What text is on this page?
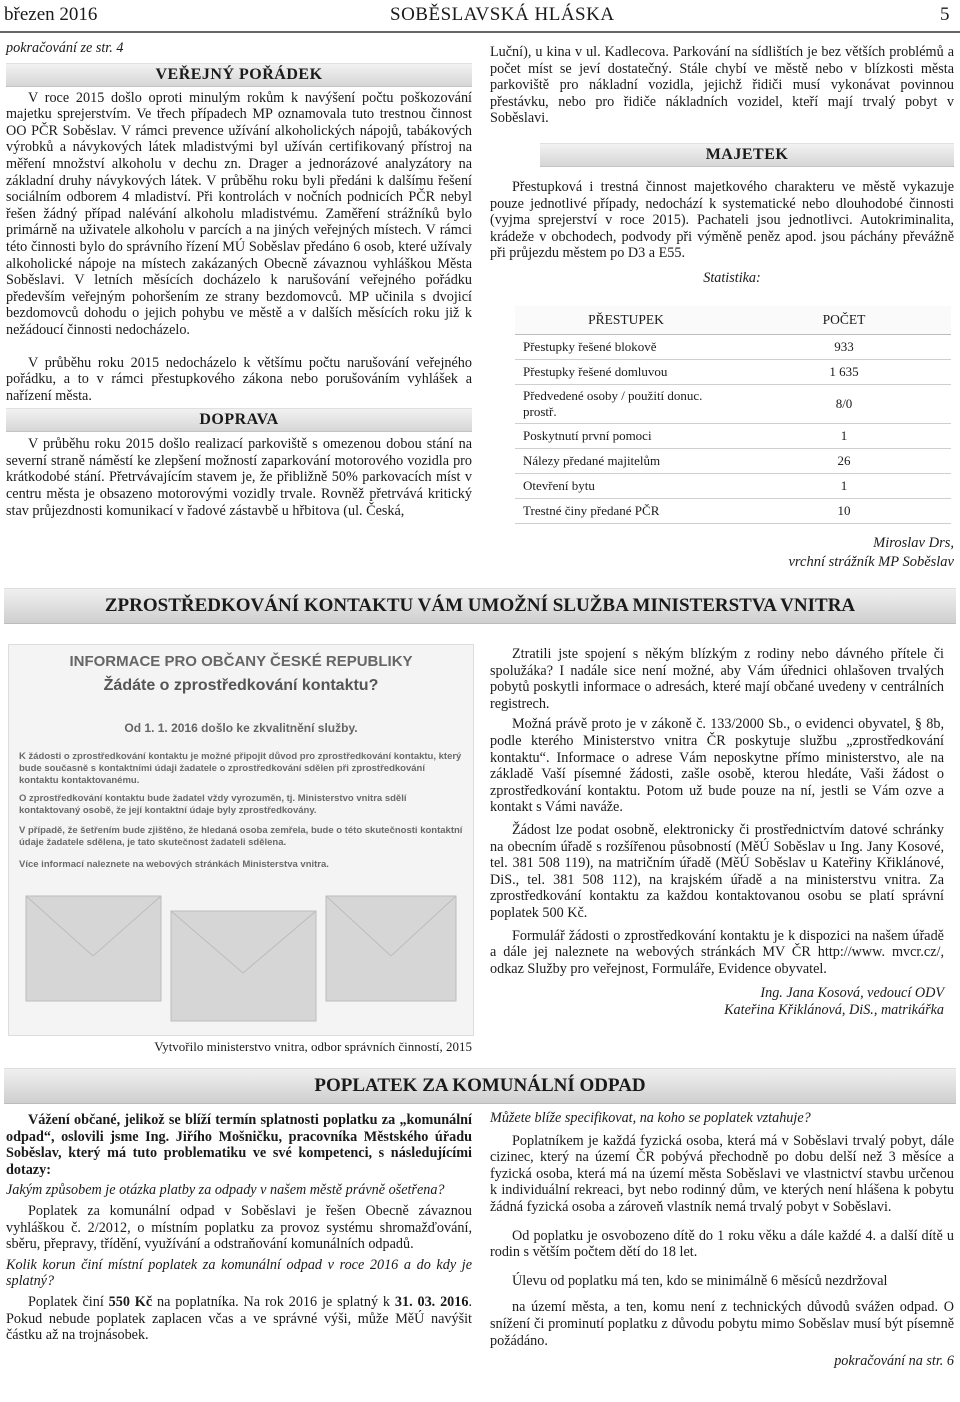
březen 2016	SOBĚSLAVSKÁ HLÁSKA	5

pokračování ze str. 4

VEŘEJNÝ POŘÁDEK

V roce 2015 došlo oproti minulým rokům k navýšení počtu poškozování majetku sprejerstvím. Ve třech případech MP oznamovala tuto trestnou činnost OO PČR Soběslav. V rámci prevence užívání alkoholických nápojů, tabákových výrobků a návykových látek mladistvými byl užíván certifikovaný přístroj na měření množství alkoholu v dechu zn. Drager a jednorázové analyzátory na základní druhy návykových látek. V průběhu roku byli předáni k dalšímu řešení sociálním odborem 4 mladiství. Při kontrolách v nočních podnicích PČR nebyl řešen žádný případ nalévání alkoholu mladistvému. Zaměření strážníků bylo primárně na uživatele alkoholu v parcích a na jiných veřejných místech. V rámci této činnosti bylo do správního řízení MÚ Soběslav předáno 6 osob, které užívaly alkoholické nápoje na místech zakázaných Obecně závaznou vyhláškou Města Soběslavi. V letních měsících docházelo k narušování veřejného pořádku především veřejným pohoršením ze strany bezdomovců. MP učinila s dvojicí bezdomovců dohodu o jejich pohybu ve městě a v dalších měsících roku již k nežádoucí činnosti nedocházelo.

V průběhu roku 2015 nedocházelo k většímu počtu narušování veřejného pořádku, a to v rámci přestupkového zákona nebo porušováním vyhlášek a nařízení města.

DOPRAVA

V průběhu roku 2015 došlo realizací parkoviště s omezenou dobou stání na severní straně náměstí ke zlepšení možností zaparkování motorového vozidla pro krátkodobé stání. Přetrvávajícím stavem je, že přibližně 50% parkovacích míst v centru města je obsazeno motorovými vozidly trvale. Rovněž přetrvává kritický stav průjezdnosti komunikací v řadové zástavbě u hřbitova (ul. Česká,

Luční), u kina v ul. Kadlecova. Parkování na sídlištích je bez větších problémů a počet míst se jeví dostatečný. Stále chybí ve městě nebo v blízkosti města parkoviště pro nákladní vozidla, jejichž řidiči musí vykonávat povinnou přestávku, nebo pro řidiče nákladních vozidel, kteří mají trvalý pobyt v Soběslavi.

MAJETEK

Přestupková i trestná činnost majetkového charakteru ve městě vykazuje pouze jednotlivé případy, nedochází k systematické nebo dlouhodobé činnosti (vyjma sprejerství v roce 2015). Pachateli jsou jednotlivci. Autokriminalita, krádeže v obchodech, podvody při výměně peněz apod. jsou páchány převážně při průjezdu městem po D3 a E55.

Statistika:

PŘESTUPEK	POČET
Přestupky řešené blokově	933
Přestupky řešené domluvou	1 635
Předvedené osoby / použití donuc. prostř.	8/0
Poskytnutí první pomoci	1
Nálezy předané majitelům	26
Otevření bytu	1
Trestné činy předané PČR	10
Miroslav Drs,
vrchní strážník MP Soběslav
ZPROSTŘEDKOVÁNÍ KONTAKTU VÁM UMOŽNÍ SLUŽBA MINISTERSTVA VNITRA
INFORMACE PRO OBČANY ČESKÉ REPUBLIKY
Žádáte o zprostředkování kontaktu?
Od 1. 1. 2016 došlo ke zkvalitnění služby.
K žádosti o zprostředkování kontaktu je možné připojit důvod pro zprostředkování kontaktu, který bude současně s kontaktními údaji žadatele o zprostředkování sdělen při zprostředkování kontaktu kontaktovanému.
O zprostředkování kontaktu bude žadatel vždy vyrozuměn, tj. Ministerstvo vnitra sdělí kontaktovaný osobě, že její kontaktní údaje byly zprostředkovány.
V případě, že šetřením bude zjištěno, že hledaná osoba zemřela, bude o této skutečnosti kontaktní údaje žadatele sdělena, je tato skutečnost žadateli sdělena.
Více informací naleznete na webových stránkách Ministerstva vnitra.
Vytvořilo ministerstvo vnitra, odbor správních činností, 2015

Ztratili jste spojení s někým blízkým z rodiny nebo dávného přítele či spolužáka? I nadále sice není možné, aby Vám úřednici ohlašoven trvalých pobytů poskytli informace o adresách, které mají občané uvedeny v centrálních registrech.

Možná právě proto je v zákoně č. 133/2000 Sb., o evidenci obyvatel, § 8b, podle kterého Ministerstvo vnitra ČR poskytuje službu „zprostředkování kontaktu“. Informace o adrese Vám neposkytne přímo ministerstvo, ale na základě Vaší písemné žádosti, zašle osobě, kterou hledáte, Vaši žádost o zprostředkování kontaktu. Potom už bude pouze na ní, jestli se Vám ozve a kontakt s Vámi naváže.

Žádost lze podat osobně, elektronicky či prostřednictvím datové schránky na obecním úřadě s rozšířenou působností (MěÚ Soběslav u Ing. Jany Kosové, tel. 381 508 119), na matričním úřadě (MěÚ Soběslav u Kateřiny Křiklánové, DiS., tel. 381 508 112), na krajském úřadě a na ministerstvu vnitra. Za zprostředkování kontaktu za každou kontaktovanou osobu se platí správní poplatek 500 Kč.

Formulář žádosti o zprostředkování kontaktu je k dispozici na našem úřadě a dále jej naleznete na webových stránkách MV ČR http://www. mvcr.cz/, odkaz Služby pro veřejnost, Formuláře, Evidence obyvatel.

Ing. Jana Kosová, vedoucí ODV

Kateřina Křiklánová, DiS., matrikářka

POPLATEK ZA KOMUNÁLNÍ ODPAD

Vážení občané, jelikož se blíží termín splatnosti poplatku za „komunální odpad“, oslovili jsme Ing. Jiřího Mošničku, pracovníka Městského úřadu Soběslav, který má tuto problematiku ve své kompetenci, s následujícími dotazy:

Jakým způsobem je otázka platby za odpady v našem městě právně ošetřena?

Poplatek za komunální odpad v Soběslavi je řešen Obecně závaznou vyhláškou č. 2/2012, o místním poplatku za provoz systému shromažďování, sběru, přepravy, třídění, využívání a odstraňování komunálních odpadů.

Kolik korun činí místní poplatek za komunální odpad v roce 2016 a do kdy je splatný?

Poplatek činí 550 Kč na poplatníka. Na rok 2016 je splatný k 31. 03. 2016. Pokud nebude poplatek zaplacen včas a ve správné výši, může MěÚ navýšit částku až na trojnásobek.

Můžete blíže specifikovat, na koho se poplatek vztahuje?

Poplatníkem je každá fyzická osoba, která má v Soběslavi trvalý pobyt, dále cizinec, který na území ČR pobývá přechodně po dobu delší než 3 měsíce a fyzická osoba, která má na území města Soběslavi ve vlastnictví stavbu určenou k individuální rekreaci, byt nebo rodinný dům, ve kterých není hlášena k pobytu žádná fyzická osoba a zároveň vlastník nemá trvalý pobyt v Soběslavi.

Od poplatku je osvobozeno dítě do 1 roku věku a dále každé 4. a další dítě u rodin s větším počtem dětí do 18 let.

Úlevu od poplatku má ten, kdo se minimálně 6 měsíců nezdržoval

na území města, a ten, komu není z technických důvodů svážen odpad. O snížení či prominutí poplatku z důvodu pobytu mimo Soběslav musí být písemně požádáno.

pokračování na str. 6
